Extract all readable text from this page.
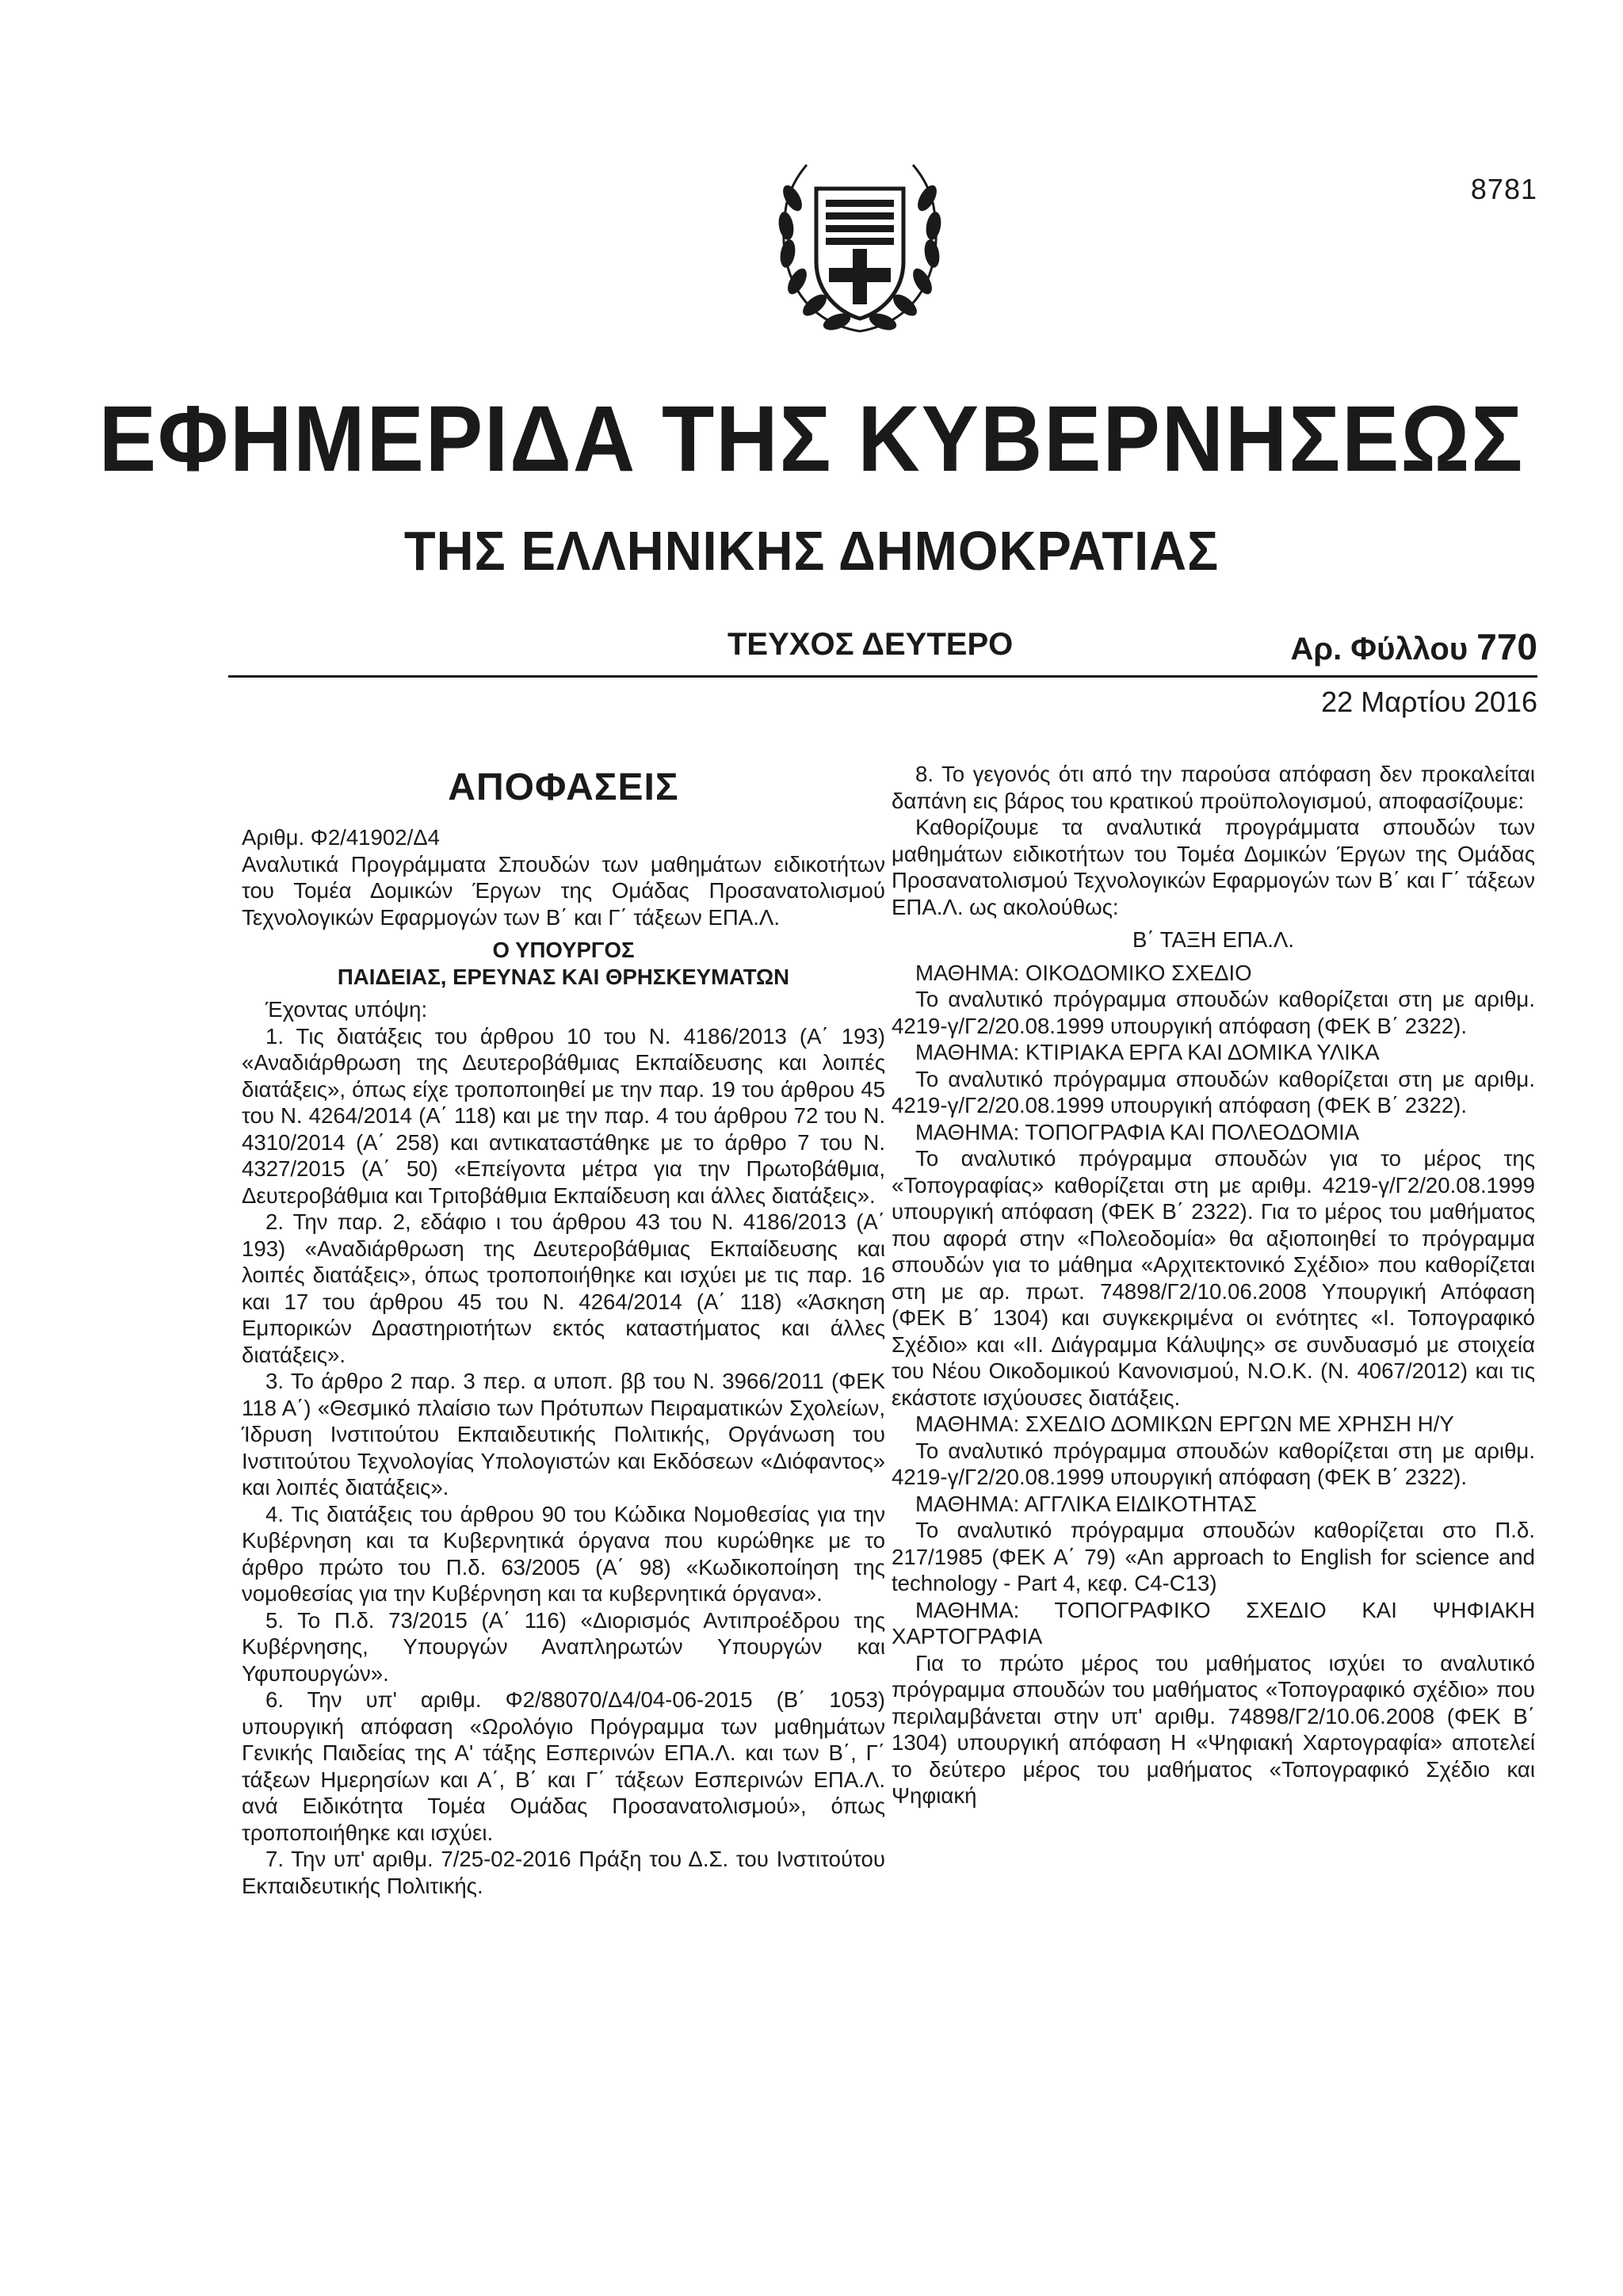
8781
ΕΦΗΜΕΡΙΔΑ ΤΗΣ ΚΥΒΕΡΝΗΣΕΩΣ
ΤΗΣ ΕΛΛΗΝΙΚΗΣ ΔΗΜΟΚΡΑΤΙΑΣ
ΤΕΥΧΟΣ ΔΕΥΤΕΡΟ	Αρ. Φύλλου 770
22 Μαρτίου 2016
ΑΠΟΦΑΣΕΙΣ

Αριθμ. Φ2/41902/Δ4

Αναλυτικά Προγράμματα Σπουδών των μαθημάτων ειδικοτήτων του Τομέα Δομικών Έργων της Ομάδας Προσανατολισμού Τεχνολογικών Εφαρμογών των Β΄ και Γ΄ τάξεων ΕΠΑ.Λ.

Ο ΥΠΟΥΡΓΟΣ

ΠΑΙΔΕΙΑΣ, ΕΡΕΥΝΑΣ ΚΑΙ ΘΡΗΣΚΕΥΜΑΤΩΝ

Έχοντας υπόψη:

1. Τις διατάξεις του άρθρου 10 του Ν. 4186/2013 (Α΄ 193) «Αναδιάρθρωση της Δευτεροβάθμιας Εκπαίδευσης και λοιπές διατάξεις», όπως είχε τροποποιηθεί με την παρ. 19 του άρθρου 45 του Ν. 4264/2014 (Α΄ 118) και με την παρ. 4 του άρθρου 72 του Ν. 4310/2014 (Α΄ 258) και αντικαταστάθηκε με το άρθρο 7 του Ν. 4327/2015 (Α΄ 50) «Επείγοντα μέτρα για την Πρωτοβάθμια, Δευτεροβάθμια και Τριτοβάθμια Εκπαίδευση και άλλες διατάξεις».

2. Την παρ. 2, εδάφιο ι του άρθρου 43 του Ν. 4186/2013 (Α΄ 193) «Αναδιάρθρωση της Δευτεροβάθμιας Εκπαίδευσης και λοιπές διατάξεις», όπως τροποποιήθηκε και ισχύει με τις παρ. 16 και 17 του άρθρου 45 του Ν. 4264/2014 (Α΄ 118) «Άσκηση Εμπορικών Δραστηριοτήτων εκτός καταστήματος και άλλες διατάξεις».

3. Το άρθρο 2 παρ. 3 περ. α υποπ. ββ του Ν. 3966/2011 (ΦΕΚ 118 Α΄) «Θεσμικό πλαίσιο των Πρότυπων Πειραματικών Σχολείων, Ίδρυση Ινστιτούτου Εκπαιδευτικής Πολιτικής, Οργάνωση του Ινστιτούτου Τεχνολογίας Υπολογιστών και Εκδόσεων «Διόφαντος» και λοιπές διατάξεις».

4. Τις διατάξεις του άρθρου 90 του Κώδικα Νομοθεσίας για την Κυβέρνηση και τα Κυβερνητικά όργανα που κυρώθηκε με το άρθρο πρώτο του Π.δ. 63/2005 (Α΄ 98) «Κωδικοποίηση της νομοθεσίας για την Κυβέρνηση και τα κυβερνητικά όργανα».

5. Το Π.δ. 73/2015 (Α΄ 116) «Διορισμός Αντιπροέδρου της Κυβέρνησης, Υπουργών Αναπληρωτών Υπουργών και Υφυπουργών».

6. Την υπ' αριθμ. Φ2/88070/Δ4/04-06-2015 (Β΄ 1053) υπουργική απόφαση «Ωρολόγιο Πρόγραμμα των μαθημάτων Γενικής Παιδείας της Α' τάξης Εσπερινών ΕΠΑ.Λ. και των Β΄, Γ΄ τάξεων Ημερησίων και Α΄, Β΄ και Γ΄ τάξεων Εσπερινών ΕΠΑ.Λ. ανά Ειδικότητα Τομέα Ομάδας Προσανατολισμού», όπως τροποποιήθηκε και ισχύει.

7. Την υπ' αριθμ. 7/25-02-2016 Πράξη του Δ.Σ. του Ινστιτούτου Εκπαιδευτικής Πολιτικής.

8. Το γεγονός ότι από την παρούσα απόφαση δεν προκαλείται δαπάνη εις βάρος του κρατικού προϋπολογισμού, αποφασίζουμε:

Καθορίζουμε τα αναλυτικά προγράμματα σπουδών των μαθημάτων ειδικοτήτων του Τομέα Δομικών Έργων της Ομάδας Προσανατολισμού Τεχνολογικών Εφαρμογών των Β΄ και Γ΄ τάξεων ΕΠΑ.Λ. ως ακολούθως:

Β΄ ΤΑΞΗ ΕΠΑ.Λ.

ΜΑΘΗΜΑ: ΟΙΚΟΔΟΜΙΚΟ ΣΧΕΔΙΟ

Το αναλυτικό πρόγραμμα σπουδών καθορίζεται στη με αριθμ. 4219-γ/Γ2/20.08.1999 υπουργική απόφαση (ΦΕΚ Β΄ 2322).

ΜΑΘΗΜΑ: ΚΤΙΡΙΑΚΑ ΕΡΓΑ ΚΑΙ ΔΟΜΙΚΑ ΥΛΙΚΑ

Το αναλυτικό πρόγραμμα σπουδών καθορίζεται στη με αριθμ. 4219-γ/Γ2/20.08.1999 υπουργική απόφαση (ΦΕΚ Β΄ 2322).

ΜΑΘΗΜΑ: ΤΟΠΟΓΡΑΦΙΑ ΚΑΙ ΠΟΛΕΟΔΟΜΙΑ

Το αναλυτικό πρόγραμμα σπουδών για το μέρος της «Τοπογραφίας» καθορίζεται στη με αριθμ. 4219-γ/Γ2/20.08.1999 υπουργική απόφαση (ΦΕΚ Β΄ 2322). Για το μέρος του μαθήματος που αφορά στην «Πολεοδομία» θα αξιοποιηθεί το πρόγραμμα σπουδών για το μάθημα «Αρχιτεκτονικό Σχέδιο» που καθορίζεται στη με αρ. πρωτ. 74898/Γ2/10.06.2008 Υπουργική Απόφαση (ΦΕΚ Β΄ 1304) και συγκεκριμένα οι ενότητες «Ι. Τοπογραφικό Σχέδιο» και «ΙΙ. Διάγραμμα Κάλυψης» σε συνδυασμό με στοιχεία του Νέου Οικοδομικού Κανονισμού, Ν.Ο.Κ. (Ν. 4067/2012) και τις εκάστοτε ισχύουσες διατάξεις.

ΜΑΘΗΜΑ: ΣΧΕΔΙΟ ΔΟΜΙΚΩΝ ΕΡΓΩΝ ΜΕ ΧΡΗΣΗ Η/Υ

Το αναλυτικό πρόγραμμα σπουδών καθορίζεται στη με αριθμ. 4219-γ/Γ2/20.08.1999 υπουργική απόφαση (ΦΕΚ Β΄ 2322).

ΜΑΘΗΜΑ: ΑΓΓΛΙΚΑ ΕΙΔΙΚΟΤΗΤΑΣ

Το αναλυτικό πρόγραμμα σπουδών καθορίζεται στο Π.δ. 217/1985 (ΦΕΚ Α΄ 79) «An approach to English for science and technology - Part 4, κεφ. C4-C13)

ΜΑΘΗΜΑ: ΤΟΠΟΓΡΑΦΙΚΟ ΣΧΕΔΙΟ ΚΑΙ ΨΗΦΙΑΚΗ ΧΑΡΤΟΓΡΑΦΙΑ

Για το πρώτο μέρος του μαθήματος ισχύει το αναλυτικό πρόγραμμα σπουδών του μαθήματος «Τοπογραφικό σχέδιο» που περιλαμβάνεται στην υπ' αριθμ. 74898/Γ2/10.06.2008 (ΦΕΚ Β΄ 1304) υπουργική απόφαση Η «Ψηφιακή Χαρτογραφία» αποτελεί το δεύτερο μέρος του μαθήματος «Τοπογραφικό Σχέδιο και Ψηφιακή
